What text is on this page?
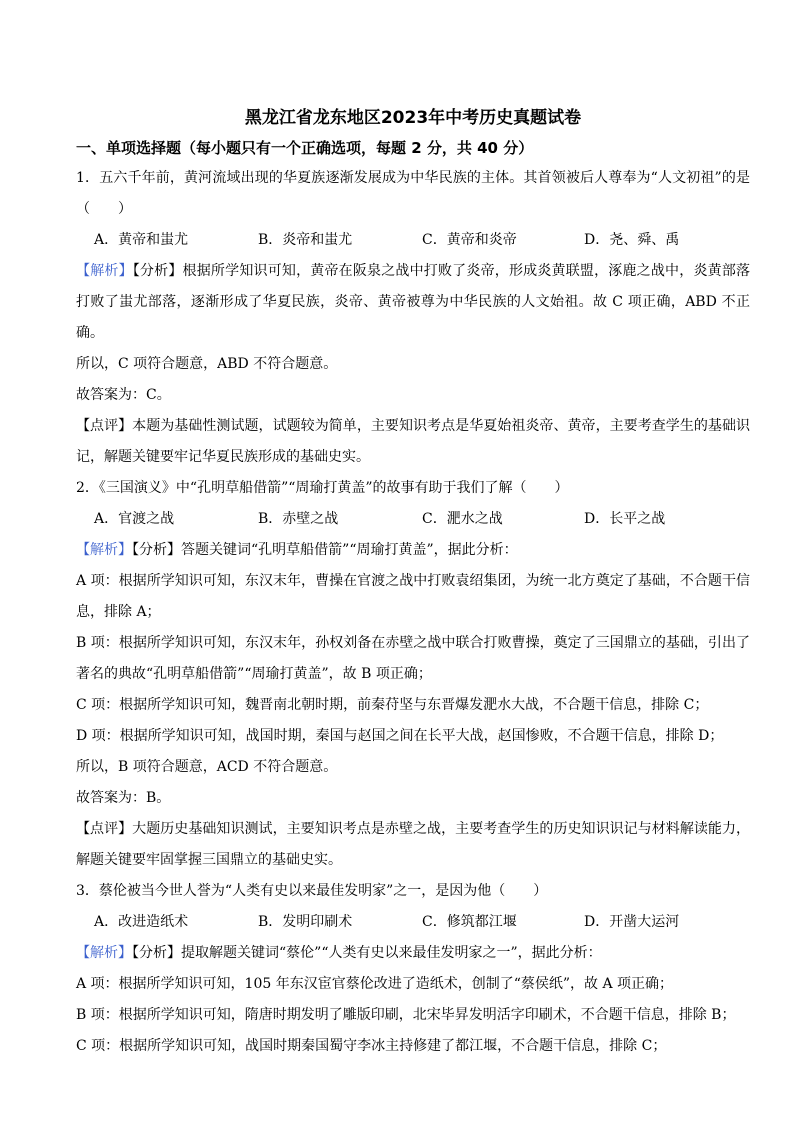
黑龙江省龙东地区2023年中考历史真题试卷
一、单项选择题（每小题只有一个正确选项，每题 2 分，共 40 分）
1．五六千年前，黄河流域出现的华夏族逐渐发展成为中华民族的主体。其首领被后人尊奉为“人文初祖”的是（　　）
A．黄帝和蚩尤	B．炎帝和蚩尤	C．黄帝和炎帝	D．尧、舜、禹
【解析】【分析】根据所学知识可知，黄帝在阪泉之战中打败了炎帝，形成炎黄联盟，涿鹿之战中，炎黄部落打败了蚩尤部落，逐渐形成了华夏民族，炎帝、黄帝被尊为中华民族的人文始祖。故 C 项正确，ABD 不正确。
所以，C 项符合题意，ABD 不符合题意。
故答案为：C。
【点评】本题为基础性测试题，试题较为简单，主要知识考点是华夏始祖炎帝、黄帝，主要考查学生的基础识记，解题关键要牢记华夏民族形成的基础史实。
2．《三国演义》中“孔明草船借箭”“周瑜打黄盖”的故事有助于我们了解（　　）
A．官渡之战	B．赤壁之战	C．淝水之战	D．长平之战
【解析】【分析】答题关键词“孔明草船借箭”“周瑜打黄盖”，据此分析：
A 项：根据所学知识可知，东汉末年，曹操在官渡之战中打败袁绍集团，为统一北方奠定了基础，不合题干信息，排除 A；
B 项：根据所学知识可知，东汉末年，孙权刘备在赤壁之战中联合打败曹操，奠定了三国鼎立的基础，引出了著名的典故“孔明草船借箭”“周瑜打黄盖”，故 B 项正确；
C 项：根据所学知识可知，魏晋南北朝时期，前秦苻坚与东晋爆发淝水大战，不合题干信息，排除 C；
D 项：根据所学知识可知，战国时期，秦国与赵国之间在长平大战，赵国惨败，不合题干信息，排除 D；
所以，B 项符合题意，ACD 不符合题意。
故答案为：B。
【点评】大题历史基础知识测试，主要知识考点是赤壁之战，主要考查学生的历史知识识记与材料解读能力，解题关键要牢固掌握三国鼎立的基础史实。
3．蔡伦被当今世人誉为“人类有史以来最佳发明家”之一，是因为他（　　）
A．改进造纸术	B．发明印刷术	C．修筑都江堰	D．开凿大运河
【解析】【分析】提取解题关键词“蔡伦”“人类有史以来最佳发明家之一”，据此分析：
A 项：根据所学知识可知，105 年东汉宦官蔡伦改进了造纸术，创制了“蔡侯纸”，故 A 项正确；
B 项：根据所学知识可知，隋唐时期发明了雕版印刷，北宋毕昇发明活字印刷术，不合题干信息，排除 B；
C 项：根据所学知识可知，战国时期秦国蜀守李冰主持修建了都江堰，不合题干信息，排除 C；
